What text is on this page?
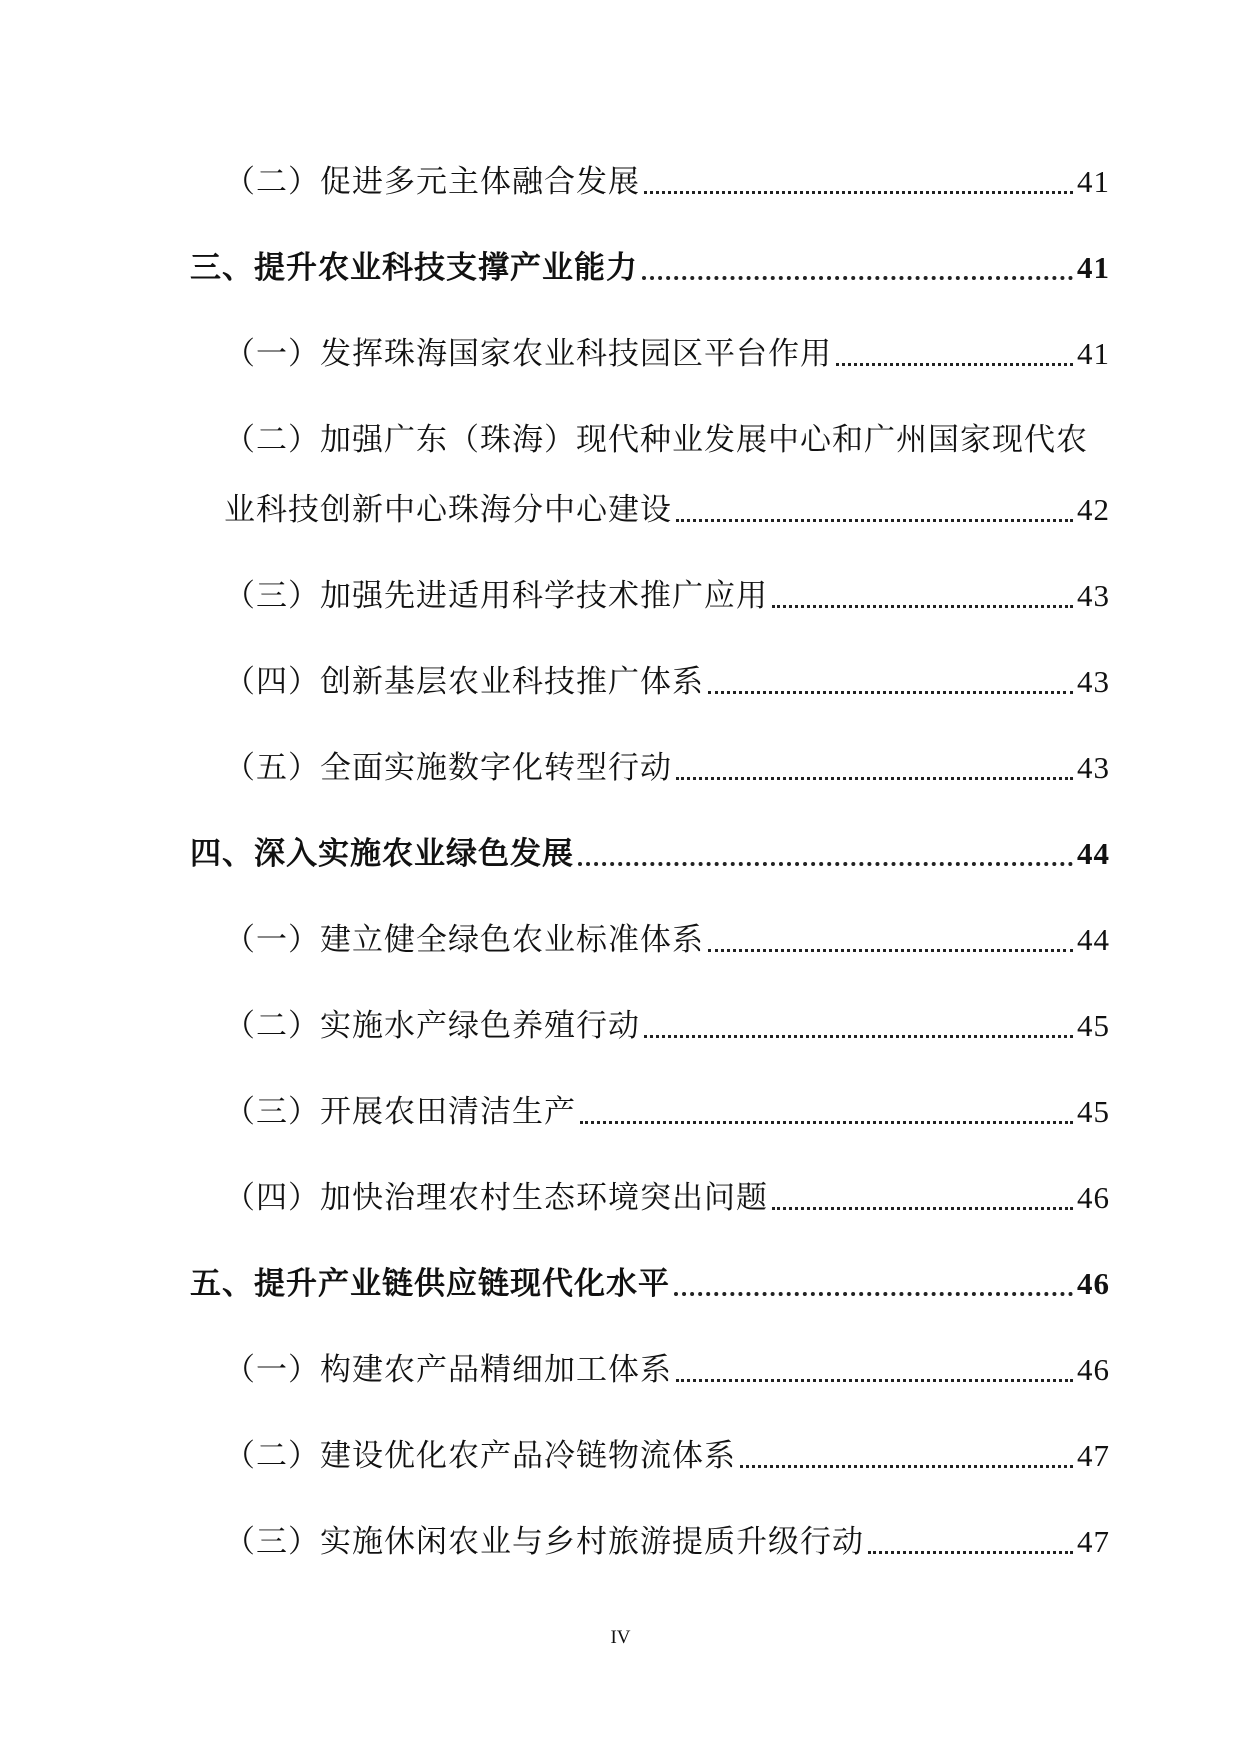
（二）促进多元主体融合发展	41
三、提升农业科技支撑产业能力	41
（一）发挥珠海国家农业科技园区平台作用	41
（二）加强广东（珠海）现代种业发展中心和广州国家现代农
业科技创新中心珠海分中心建设	42
（三）加强先进适用科学技术推广应用	43
（四）创新基层农业科技推广体系	43
（五）全面实施数字化转型行动	43
四、深入实施农业绿色发展	44
（一）建立健全绿色农业标准体系	44
（二）实施水产绿色养殖行动	45
（三）开展农田清洁生产	45
（四）加快治理农村生态环境突出问题	46
五、提升产业链供应链现代化水平	46
（一）构建农产品精细加工体系	46
（二）建设优化农产品冷链物流体系	47
（三）实施休闲农业与乡村旅游提质升级行动	47
IV
